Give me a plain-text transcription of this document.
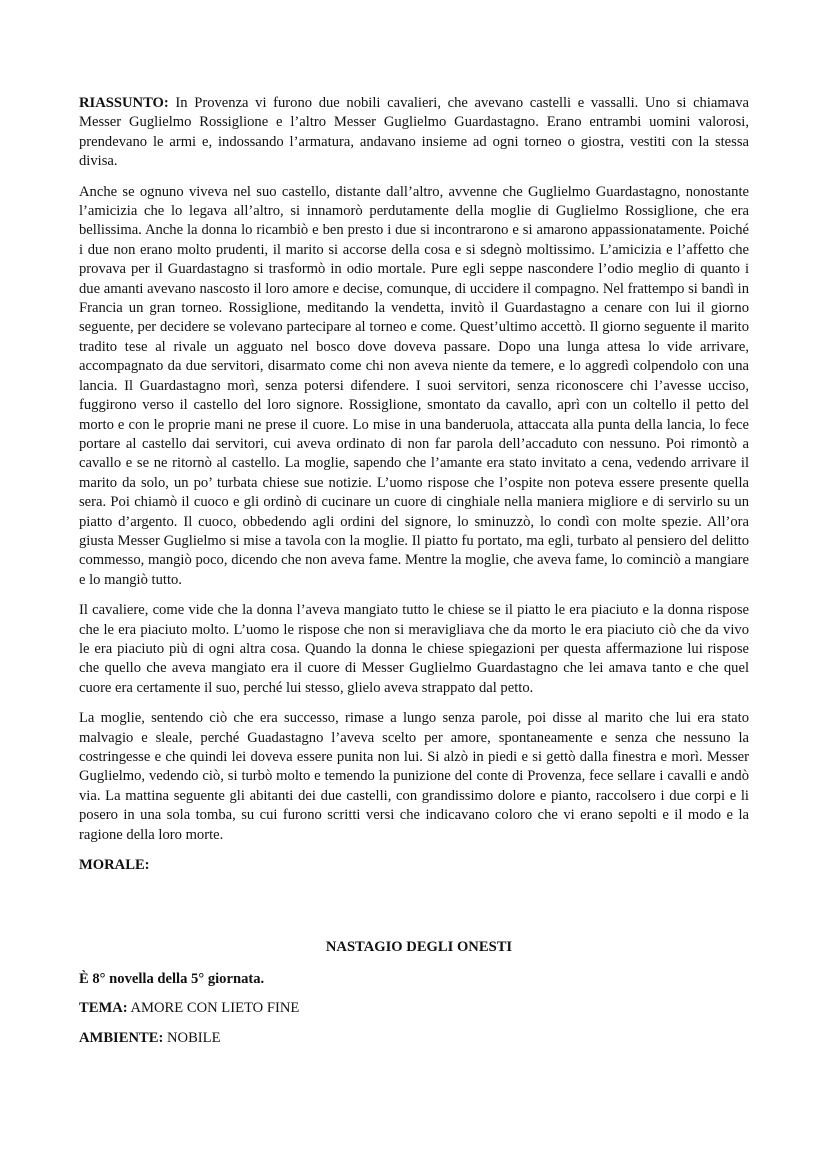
RIASSUNTO: In Provenza vi furono due nobili cavalieri, che avevano castelli e vassalli. Uno si chiamava Messer Guglielmo Rossiglione e l’altro Messer Guglielmo Guardastagno. Erano entrambi uomini valorosi, prendevano le armi e, indossando l’armatura, andavano insieme ad ogni torneo o giostra, vestiti con la stessa divisa.

Anche se ognuno viveva nel suo castello, distante dall’altro, avvenne che Guglielmo Guardastagno, nonostante l’amicizia che lo legava all’altro, si innamorò perdutamente della moglie di Guglielmo Rossiglione, che era bellissima. Anche la donna lo ricambiò e ben presto i due si incontrarono e si amarono appassionatamente. Poiché i due non erano molto prudenti, il marito si accorse della cosa e si sdegnò moltissimo. L’amicizia e l’affetto che provava per il Guardastagno si trasformò in odio mortale. Pure egli seppe nascondere l’odio meglio di quanto i due amanti avevano nascosto il loro amore e decise, comunque, di uccidere il compagno. Nel frattempo si bandì in Francia un gran torneo. Rossiglione, meditando la vendetta, invitò il Guardastagno a cenare con lui il giorno seguente, per decidere se volevano partecipare al torneo e come. Quest’ultimo accettò. Il giorno seguente il marito tradito tese al rivale un agguato nel bosco dove doveva passare. Dopo una lunga attesa lo vide arrivare, accompagnato da due servitori, disarmato come chi non aveva niente da temere, e lo aggredì colpendolo con una lancia. Il Guardastagno morì, senza potersi difendere. I suoi servitori, senza riconoscere chi l’avesse ucciso, fuggirono verso il castello del loro signore. Rossiglione, smontato da cavallo, aprì con un coltello il petto del morto e con le proprie mani ne prese il cuore. Lo mise in una banderuola, attaccata alla punta della lancia, lo fece portare al castello dai servitori, cui aveva ordinato di non far parola dell’accaduto con nessuno. Poi rimontò a cavallo e se ne ritornò al castello. La moglie, sapendo che l’amante era stato invitato a cena, vedendo arrivare il marito da solo, un po’ turbata chiese sue notizie. L’uomo rispose che l’ospite non poteva essere presente quella sera. Poi chiamò il cuoco e gli ordinò di cucinare un cuore di cinghiale nella maniera migliore e di servirlo su un piatto d’argento. Il cuoco, obbedendo agli ordini del signore, lo sminuzzò, lo condì con molte spezie. All’ora giusta Messer Guglielmo si mise a tavola con la moglie. Il piatto fu portato, ma egli, turbato al pensiero del delitto commesso, mangiò poco, dicendo che non aveva fame. Mentre la moglie, che aveva fame, lo cominciò a mangiare e lo mangiò tutto.

Il cavaliere, come vide che la donna l’aveva mangiato tutto le chiese se il piatto le era piaciuto e la donna rispose che le era piaciuto molto. L’uomo le rispose che non si meravigliava che da morto le era piaciuto ciò che da vivo le era piaciuto più di ogni altra cosa. Quando la donna le chiese spiegazioni per questa affermazione lui rispose che quello che aveva mangiato era il cuore di Messer Guglielmo Guardastagno che lei amava tanto e che quel cuore era certamente il suo, perché lui stesso, glielo aveva strappato dal petto.

La moglie, sentendo ciò che era successo, rimase a lungo senza parole, poi disse al marito che lui era stato malvagio e sleale, perché Guadastagno l’aveva scelto per amore, spontaneamente e senza che nessuno la costringesse e che quindi lei doveva essere punita non lui. Si alzò in piedi e si gettò dalla finestra e morì. Messer Guglielmo, vedendo ciò, si turbò molto e temendo la punizione del conte di Provenza, fece sellare i cavalli e andò via. La mattina seguente gli abitanti dei due castelli, con grandissimo dolore e pianto, raccolsero i due corpi e li posero in una sola tomba, su cui furono scritti versi che indicavano coloro che vi erano sepolti e il modo e la ragione della loro morte.

MORALE:

NASTAGIO DEGLI ONESTI

È 8° novella della 5° giornata.

TEMA: AMORE CON LIETO FINE

AMBIENTE: NOBILE
